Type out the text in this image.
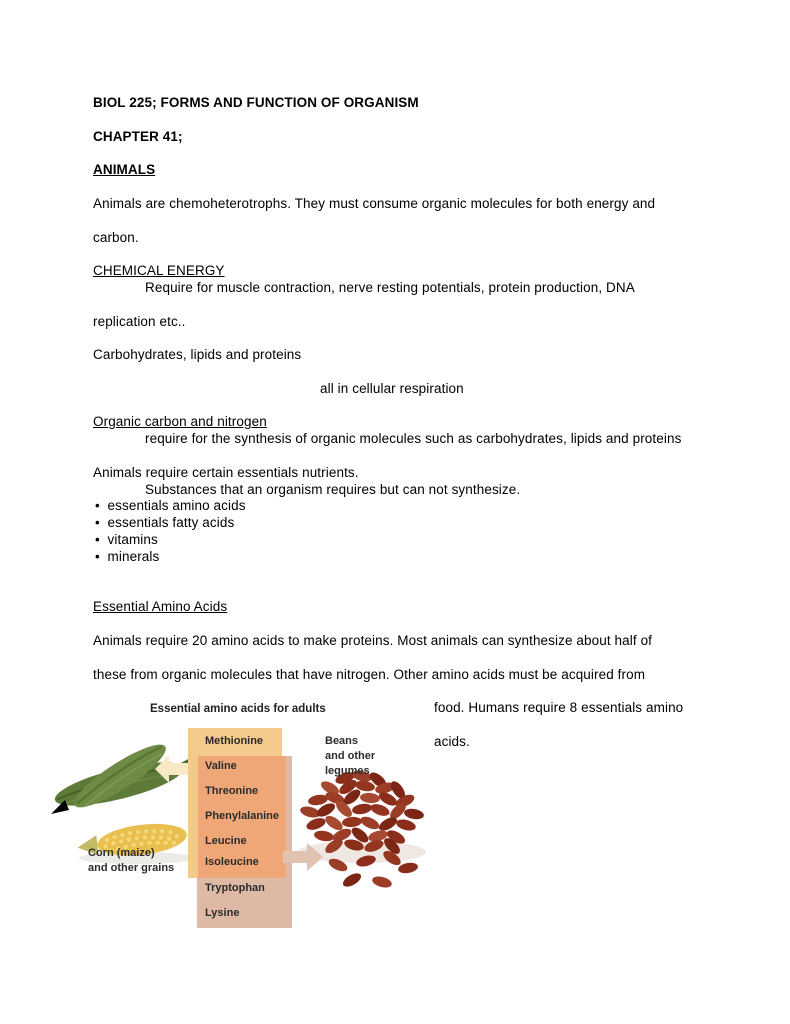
BIOL 225; FORMS AND FUNCTION OF ORGANISM
CHAPTER 41;
ANIMALS
Animals are chemoheterotrophs. They must consume organic molecules for both energy and
carbon.
CHEMICAL ENERGY
Require for muscle contraction, nerve resting potentials, protein production, DNA
replication etc..
Carbohydrates, lipids and proteins
all in cellular respiration
Organic carbon and nitrogen
require for the synthesis of organic molecules such as carbohydrates, lipids and proteins
Animals require certain essentials nutrients.
Substances that an organism requires but can not synthesize.
• essentials amino acids
• essentials fatty acids
• vitamins
• minerals
Essential Amino Acids
Animals require 20 amino acids to make proteins. Most animals can synthesize about half of
these from organic molecules that have nitrogen. Other amino acids must be acquired from
food. Humans require 8 essentials amino
acids.
Essential amino acids for adults
Methionine
Valine
Threonine
Phenylalanine
Leucine
Isoleucine
Tryptophan
Lysine
Corn (maize)
and other grains
Beans
and other
legumes
